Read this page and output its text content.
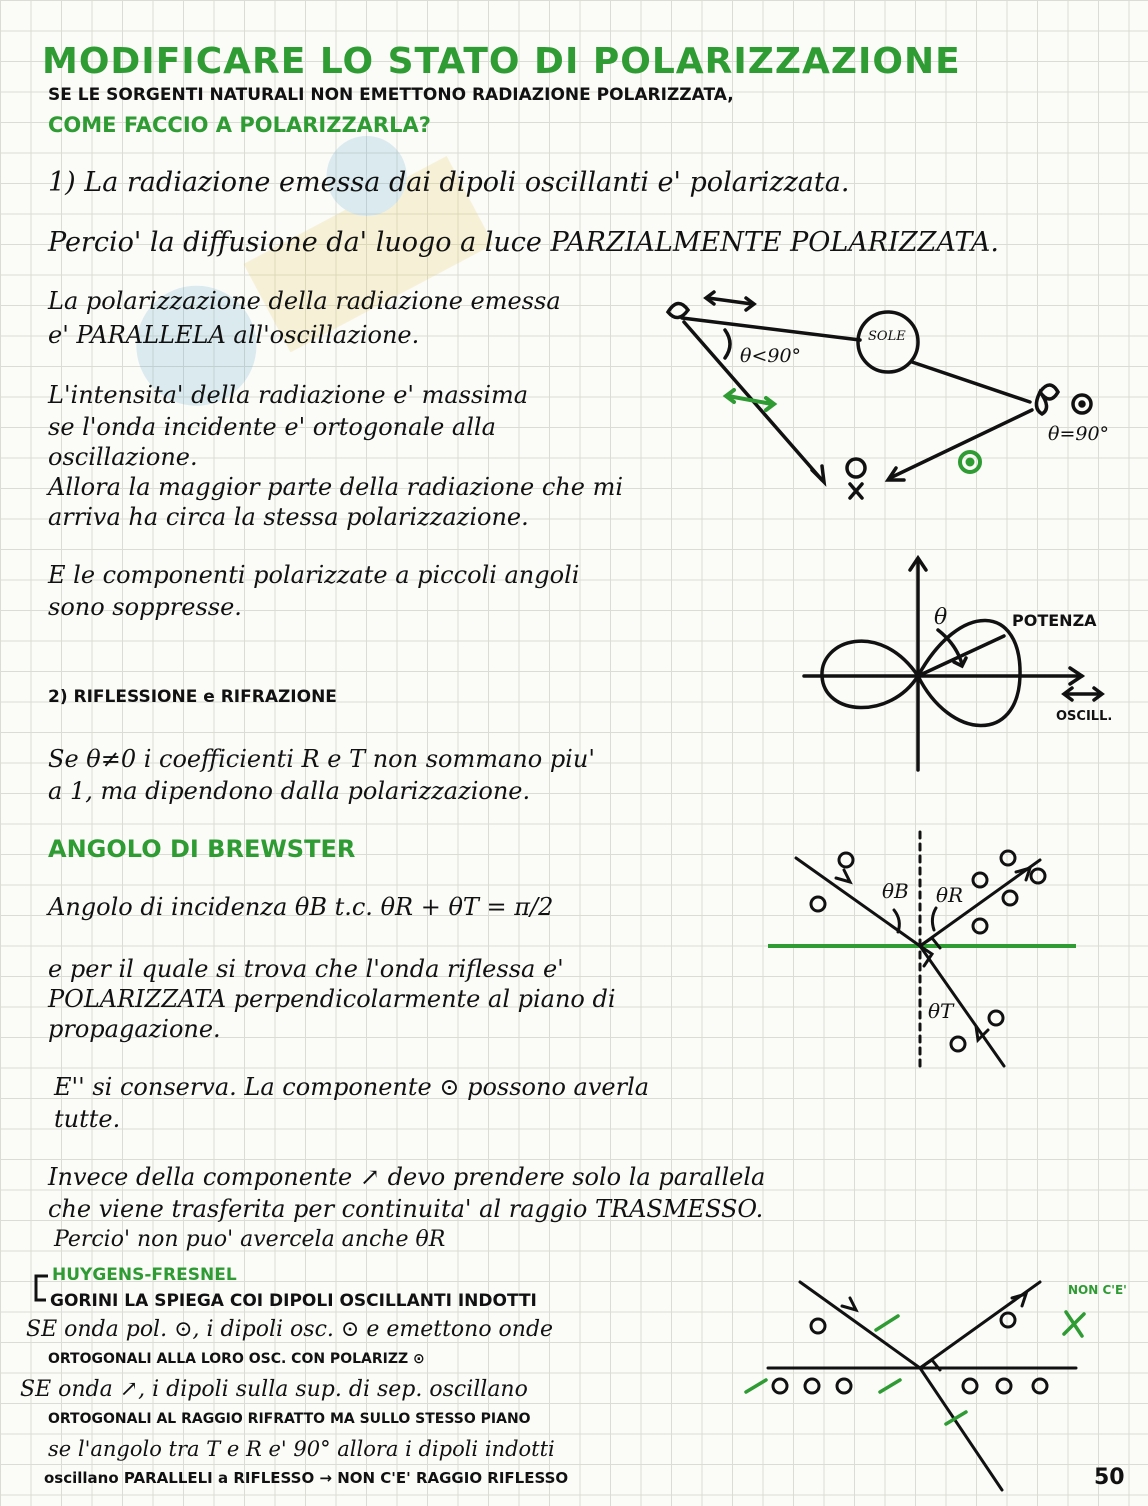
MODIFICARE LO STATO DI POLARIZZAZIONE
SE LE SORGENTI NATURALI NON EMETTONO RADIAZIONE POLARIZZATA,
COME FACCIO A POLARIZZARLA?
1) La radiazione emessa dai dipoli oscillanti e' polarizzata.
Percio' la diffusione da' luogo a luce PARZIALMENTE POLARIZZATA.
La polarizzazione della radiazione emessa
e' PARALLELA all'oscillazione.
L'intensita' della radiazione e' massima
se l'onda incidente e' ortogonale alla
oscillazione.
Allora la maggior parte della radiazione che mi
arriva ha circa la stessa polarizzazione.
E le componenti polarizzate a piccoli angoli
sono soppresse.
SOLE
θ<90°
θ=90°
θ	POTENZA
OSCILL.
2) RIFLESSIONE e RIFRAZIONE
Se θ≠0 i coefficienti R e T non sommano piu'
a 1, ma dipendono dalla polarizzazione.
ANGOLO DI BREWSTER
Angolo di incidenza θB t.c. θR + θT = π/2
e per il quale si trova che l'onda riflessa e'
POLARIZZATA perpendicolarmente al piano di
propagazione.
θB θR
θT
E'' si conserva. La componente ⊙ possono averla
tutte.
Invece della componente ↗ devo prendere solo la parallela
che viene trasferita per continuita' al raggio TRASMESSO.
Percio' non puo' avercela anche θR
HUYGENS-FRESNEL
GORINI LA SPIEGA COI DIPOLI OSCILLANTI INDOTTI
SE onda pol. ⊙, i dipoli osc. ⊙ e emettono onde
ORTOGONALI ALLA LORO OSC. CON POLARIZZ ⊙
SE onda ↗, i dipoli sulla sup. di sep. oscillano
ORTOGONALI AL RAGGIO RIFRATTO MA SULLO STESSO PIANO
se l'angolo tra T e R e' 90° allora i dipoli indotti
oscillano PARALLELI a RIFLESSO → NON C'E' RAGGIO RIFLESSO
NON C'E'
50
